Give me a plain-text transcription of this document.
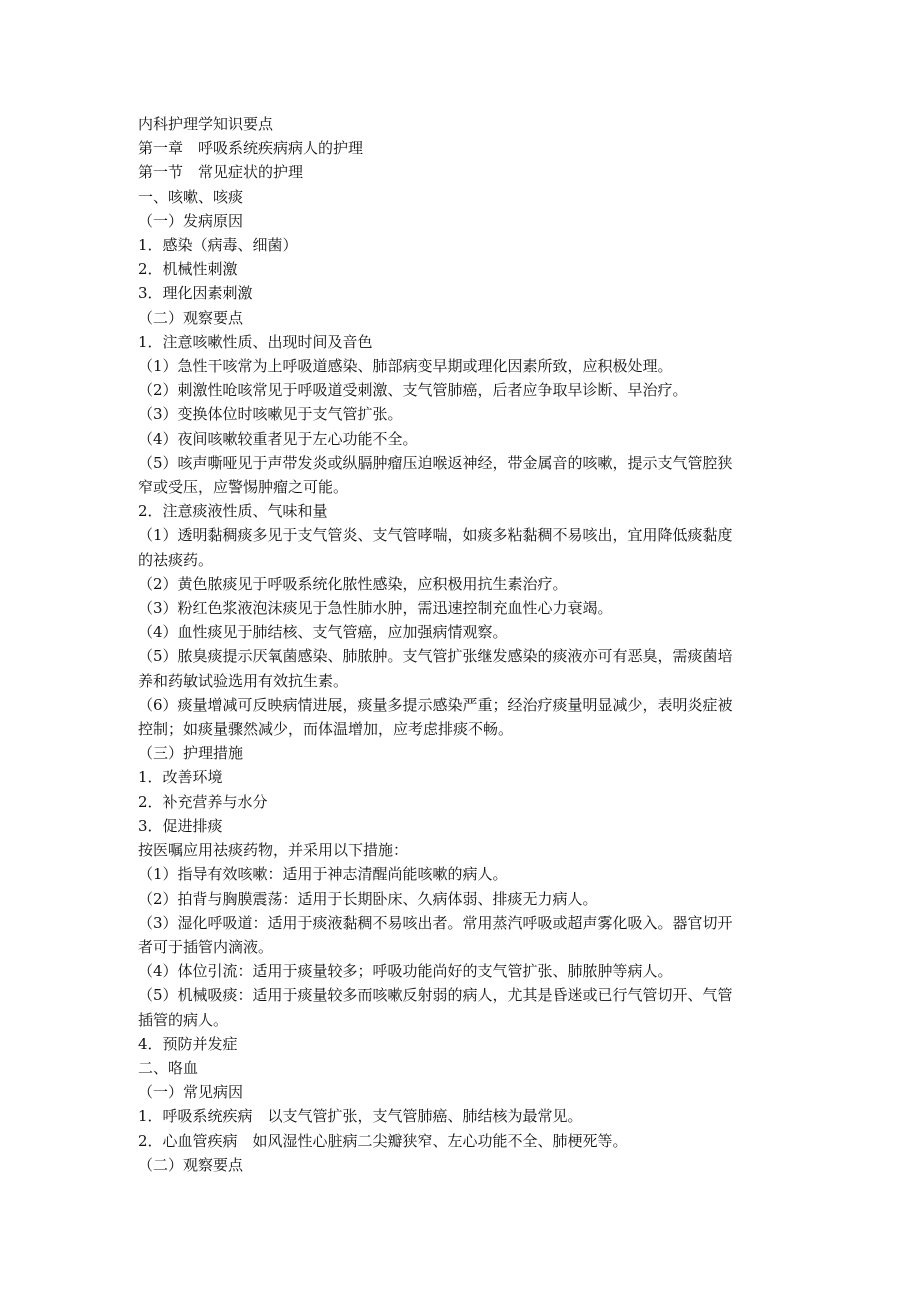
内科护理学知识要点
第一章　呼吸系统疾病病人的护理
第一节　常见症状的护理
一、咳嗽、咳痰
（一）发病原因
1．感染（病毒、细菌）
2．机械性刺激
3．理化因素刺激
（二）观察要点
1．注意咳嗽性质、出现时间及音色
（1）急性干咳常为上呼吸道感染、肺部病变早期或理化因素所致，应积极处理。
（2）刺激性呛咳常见于呼吸道受刺激、支气管肺癌，后者应争取早诊断、早治疗。
（3）变换体位时咳嗽见于支气管扩张。
（4）夜间咳嗽较重者见于左心功能不全。
（5）咳声嘶哑见于声带发炎或纵膈肿瘤压迫喉返神经，带金属音的咳嗽，提示支气管腔狭
窄或受压，应警惕肿瘤之可能。
2．注意痰液性质、气味和量
（1）透明黏稠痰多见于支气管炎、支气管哮喘，如痰多粘黏稠不易咳出，宜用降低痰黏度
的祛痰药。
（2）黄色脓痰见于呼吸系统化脓性感染，应积极用抗生素治疗。
（3）粉红色浆液泡沫痰见于急性肺水肿，需迅速控制充血性心力衰竭。
（4）血性痰见于肺结核、支气管癌，应加强病情观察。
（5）脓臭痰提示厌氧菌感染、肺脓肿。支气管扩张继发感染的痰液亦可有恶臭，需痰菌培
养和药敏试验选用有效抗生素。
（6）痰量增减可反映病情进展，痰量多提示感染严重；经治疗痰量明显减少，表明炎症被
控制；如痰量骤然减少，而体温增加，应考虑排痰不畅。
（三）护理措施
1．改善环境
2．补充营养与水分
3．促进排痰
按医嘱应用祛痰药物，并采用以下措施：
（1）指导有效咳嗽：适用于神志清醒尚能咳嗽的病人。
（2）拍背与胸膜震荡：适用于长期卧床、久病体弱、排痰无力病人。
（3）湿化呼吸道：适用于痰液黏稠不易咳出者。常用蒸汽呼吸或超声雾化吸入。器官切开
者可于插管内滴液。
（4）体位引流：适用于痰量较多；呼吸功能尚好的支气管扩张、肺脓肿等病人。
（5）机械吸痰：适用于痰量较多而咳嗽反射弱的病人，尤其是昏迷或已行气管切开、气管
插管的病人。
4．预防并发症
二、咯血
（一）常见病因
1．呼吸系统疾病　以支气管扩张，支气管肺癌、肺结核为最常见。
2．心血管疾病　如风湿性心脏病二尖瓣狭窄、左心功能不全、肺梗死等。
（二）观察要点
